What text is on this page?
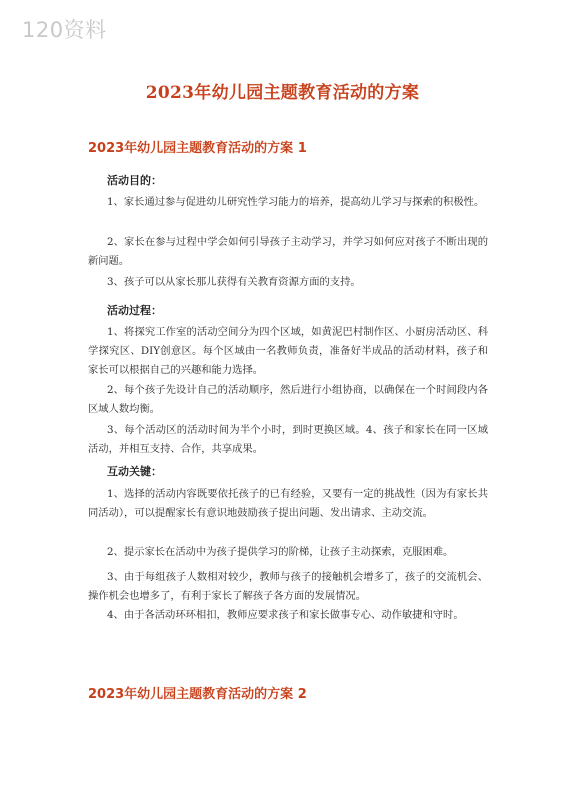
120资料
2023年幼儿园主题教育活动的方案
2023年幼儿园主题教育活动的方案 1
活动目的：

1、家长通过参与促进幼儿研究性学习能力的培养，提高幼儿学习与探索的积极性。

2、家长在参与过程中学会如何引导孩子主动学习，并学习如何应对孩子不断出现的新问题。

3、孩子可以从家长那儿获得有关教育资源方面的支持。

活动过程：

1、将探究工作室的活动空间分为四个区域，如黄泥巴村制作区、小厨房活动区、科学探究区、DIY创意区。每个区域由一名教师负责，准备好半成品的活动材料，孩子和家长可以根据自己的兴趣和能力选择。

2、每个孩子先设计自己的活动顺序，然后进行小组协商，以确保在一个时间段内各区域人数均衡。

3、每个活动区的活动时间为半个小时，到时更换区域。4、孩子和家长在同一区域活动，并相互支持、合作，共享成果。

互动关键：

1、选择的活动内容既要依托孩子的已有经验，又要有一定的挑战性（因为有家长共同活动），可以提醒家长有意识地鼓励孩子提出问题、发出请求、主动交流。

2、提示家长在活动中为孩子提供学习的阶梯，让孩子主动探索，克服困难。

3、由于每组孩子人数相对较少，教师与孩子的接触机会增多了，孩子的交流机会、操作机会也增多了，有利于家长了解孩子各方面的发展情况。

4、由于各活动环环相扣，教师应要求孩子和家长做事专心、动作敏捷和守时。

2023年幼儿园主题教育活动的方案 2
